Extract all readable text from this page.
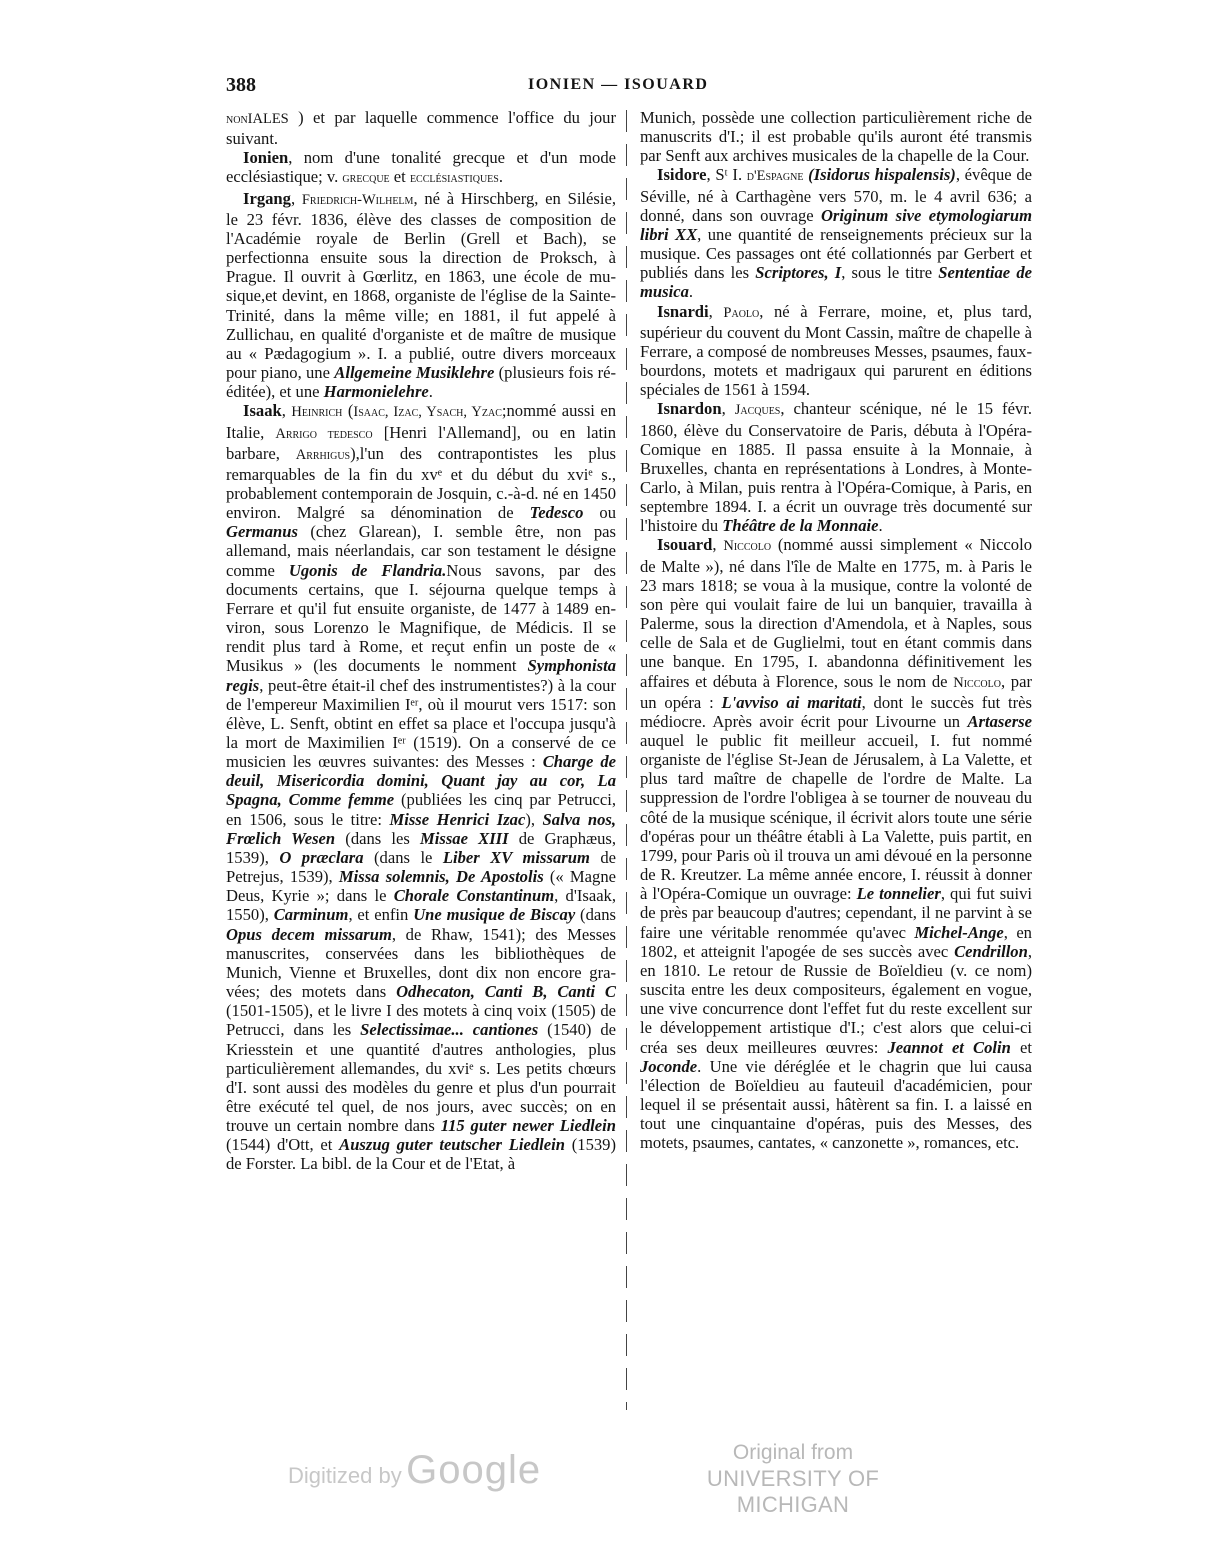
388	IONIEN — ISOUARD

nonIALES ) et par laquelle commence l'office du jour suivant.

Ionien, nom d'une tonalité grecque et d'un mode ecclésiastique; v. grecque et ecclésiastiques.

Irgang, Friedrich-Wilhelm, né à Hirschberg, en Silésie, le 23 févr. 1836, élève des classes de composition de l'Académie royale de Berlin (Grell et Bach), se perfectionna ensuite sous la direction de Proksch, à Prague. Il ouvrit à Gœrlitz, en 1863, une école de musique,et devint, en 1868, organiste de l'église de la Sainte-Trinité, dans la même ville; en 1881, il fut appelé à Zullichau, en qualité d'organiste et de maître de musique au « Pædagogium ». I. a publié, outre divers morceaux pour piano, une Allgemeine Musiklehre (plusieurs fois rééditée), et une Harmonielehre.

Isaak, Heinrich (Isaac, Izac, Ysach, Yzac;nommé aussi en Italie, Arrigo tedesco [Henri l'Allemand], ou en latin barbare, Arrhigus),l'un des contrapontistes les plus remarquables de la fin du xvᵉ et du début du xviᵉ s., probablement contemporain de Josquin, c.-à-d. né en 1450 environ. Malgré sa dénomination de Tedesco ou Germanus (chez Glarean), I. semble être, non pas allemand, mais néerlandais, car son testament le désigne comme Ugonis de Flandria.Nous savons, par des documents certains, que I. séjourna quelque temps à Ferrare et qu'il fut ensuite organiste, de 1477 à 1489 environ, sous Lorenzo le Magnifique, de Médicis. Il se rendit plus tard à Rome, et reçut enfin un poste de « Musikus » (les documents le nomment Symphonista regis, peut-être était-il chef des instrumentistes?) à la cour de l'empereur Maximilien Iᵉʳ, où il mourut vers 1517: son élève, L. Senft, obtint en effet sa place et l'occupa jusqu'à la mort de Maximilien Iᵉʳ (1519). On a conservé de ce musicien les œuvres suivantes: des Messes : Charge de deuil, Misericordia domini, Quant jay au cor, La Spagna, Comme femme (publiées les cinq par Petrucci, en 1506, sous le titre: Misse Henrici Izac), Salva nos, Frœlich Wesen (dans les Missae XIII de Graphæus, 1539), O præclara (dans le Liber XV missarum de Petrejus, 1539), Missa solemnis, De Apostolis (« Magne Deus, Kyrie »; dans le Chorale Constantinum, d'Isaak, 1550), Carminum, et enfin Une musique de Biscay (dans Opus decem missarum, de Rhaw, 1541); des Messes manuscrites, conservées dans les bibliothèques de Munich, Vienne et Bruxelles, dont dix non encore gravées; des motets dans Odhecaton, Canti B, Canti C (1501-1505), et le livre I des motets à cinq voix (1505) de Petrucci, dans les Selectissimae... cantiones (1540) de Kriesstein et une quantité d'autres anthologies, plus particulièrement allemandes, du xviᵉ s. Les petits chœurs d'I. sont aussi des modèles du genre et plus d'un pourrait être exécuté tel quel, de nos jours, avec succès; on en trouve un certain nombre dans 115 guter newer Liedlein (1544) d'Ott, et Auszug guter teutscher Liedlein (1539) de Forster. La bibl. de la Cour et de l'Etat, à

Munich, possède une collection particulièrement riche de manuscrits d'I.; il est probable qu'ils auront été transmis par Senft aux archives musicales de la chapelle de la Cour.

Isidore, Sᵗ I. d'Espagne (Isidorus hispalensis), évêque de Séville, né à Carthagène vers 570, m. le 4 avril 636; a donné, dans son ouvrage Originum sive etymologiarum libri XX, une quantité de renseignements précieux sur la musique. Ces passages ont été collationnés par Gerbert et publiés dans les Scriptores, I, sous le titre Sententiae de musica.

Isnardi, Paolo, né à Ferrare, moine, et, plus tard, supérieur du couvent du Mont Cassin, maître de chapelle à Ferrare, a composé de nombreuses Messes, psaumes, faux-bourdons, motets et madrigaux qui parurent en éditions spéciales de 1561 à 1594.

Isnardon, Jacques, chanteur scénique, né le 15 févr. 1860, élève du Conservatoire de Paris, débuta à l'Opéra-Comique en 1885. Il passa ensuite à la Monnaie, à Bruxelles, chanta en représentations à Londres, à Monte-Carlo, à Milan, puis rentra à l'Opéra-Comique, à Paris, en septembre 1894. I. a écrit un ouvrage très documenté sur l'histoire du Théâtre de la Monnaie.

Isouard, Niccolo (nommé aussi simplement « Niccolo de Malte »), né dans l'île de Malte en 1775, m. à Paris le 23 mars 1818; se voua à la musique, contre la volonté de son père qui voulait faire de lui un banquier, travailla à Palerme, sous la direction d'Amendola, et à Naples, sous celle de Sala et de Guglielmi, tout en étant commis dans une banque. En 1795, I. abandonna définitivement les affaires et débuta à Florence, sous le nom de Niccolo, par un opéra : L'avviso ai maritati, dont le succès fut très médiocre. Après avoir écrit pour Livourne un Artaserse auquel le public fit meilleur accueil, I. fut nommé organiste de l'église St-Jean de Jérusalem, à La Valette, et plus tard maître de chapelle de l'ordre de Malte. La suppression de l'ordre l'obligea à se tourner de nouveau du côté de la musique scénique, il écrivit alors toute une série d'opéras pour un théâtre établi à La Valette, puis partit, en 1799, pour Paris où il trouva un ami dévoué en la personne de R. Kreutzer. La même année encore, I. réussit à donner à l'Opéra-Comique un ouvrage: Le tonnelier, qui fut suivi de près par beaucoup d'autres; cependant, il ne parvint à se faire une véritable renommée qu'avec Michel-Ange, en 1802, et atteignit l'apogée de ses succès avec Cendrillon, en 1810. Le retour de Russie de Boïeldieu (v. ce nom) suscita entre les deux compositeurs, également en vogue, une vive concurrence dont l'effet fut du reste excellent sur le développement artistique d'I.; c'est alors que celui-ci créa ses deux meilleures œuvres: Jeannot et Colin et Joconde. Une vie déréglée et le chagrin que lui causa l'élection de Boïeldieu au fauteuil d'académicien, pour lequel il se présentait aussi, hâtèrent sa fin. I. a laissé en tout une cinquantaine d'opéras, puis des Messes, des motets, psaumes, cantates, « canzonette », romances, etc.

Digitized by Google	Original from
UNIVERSITY OF MICHIGAN
